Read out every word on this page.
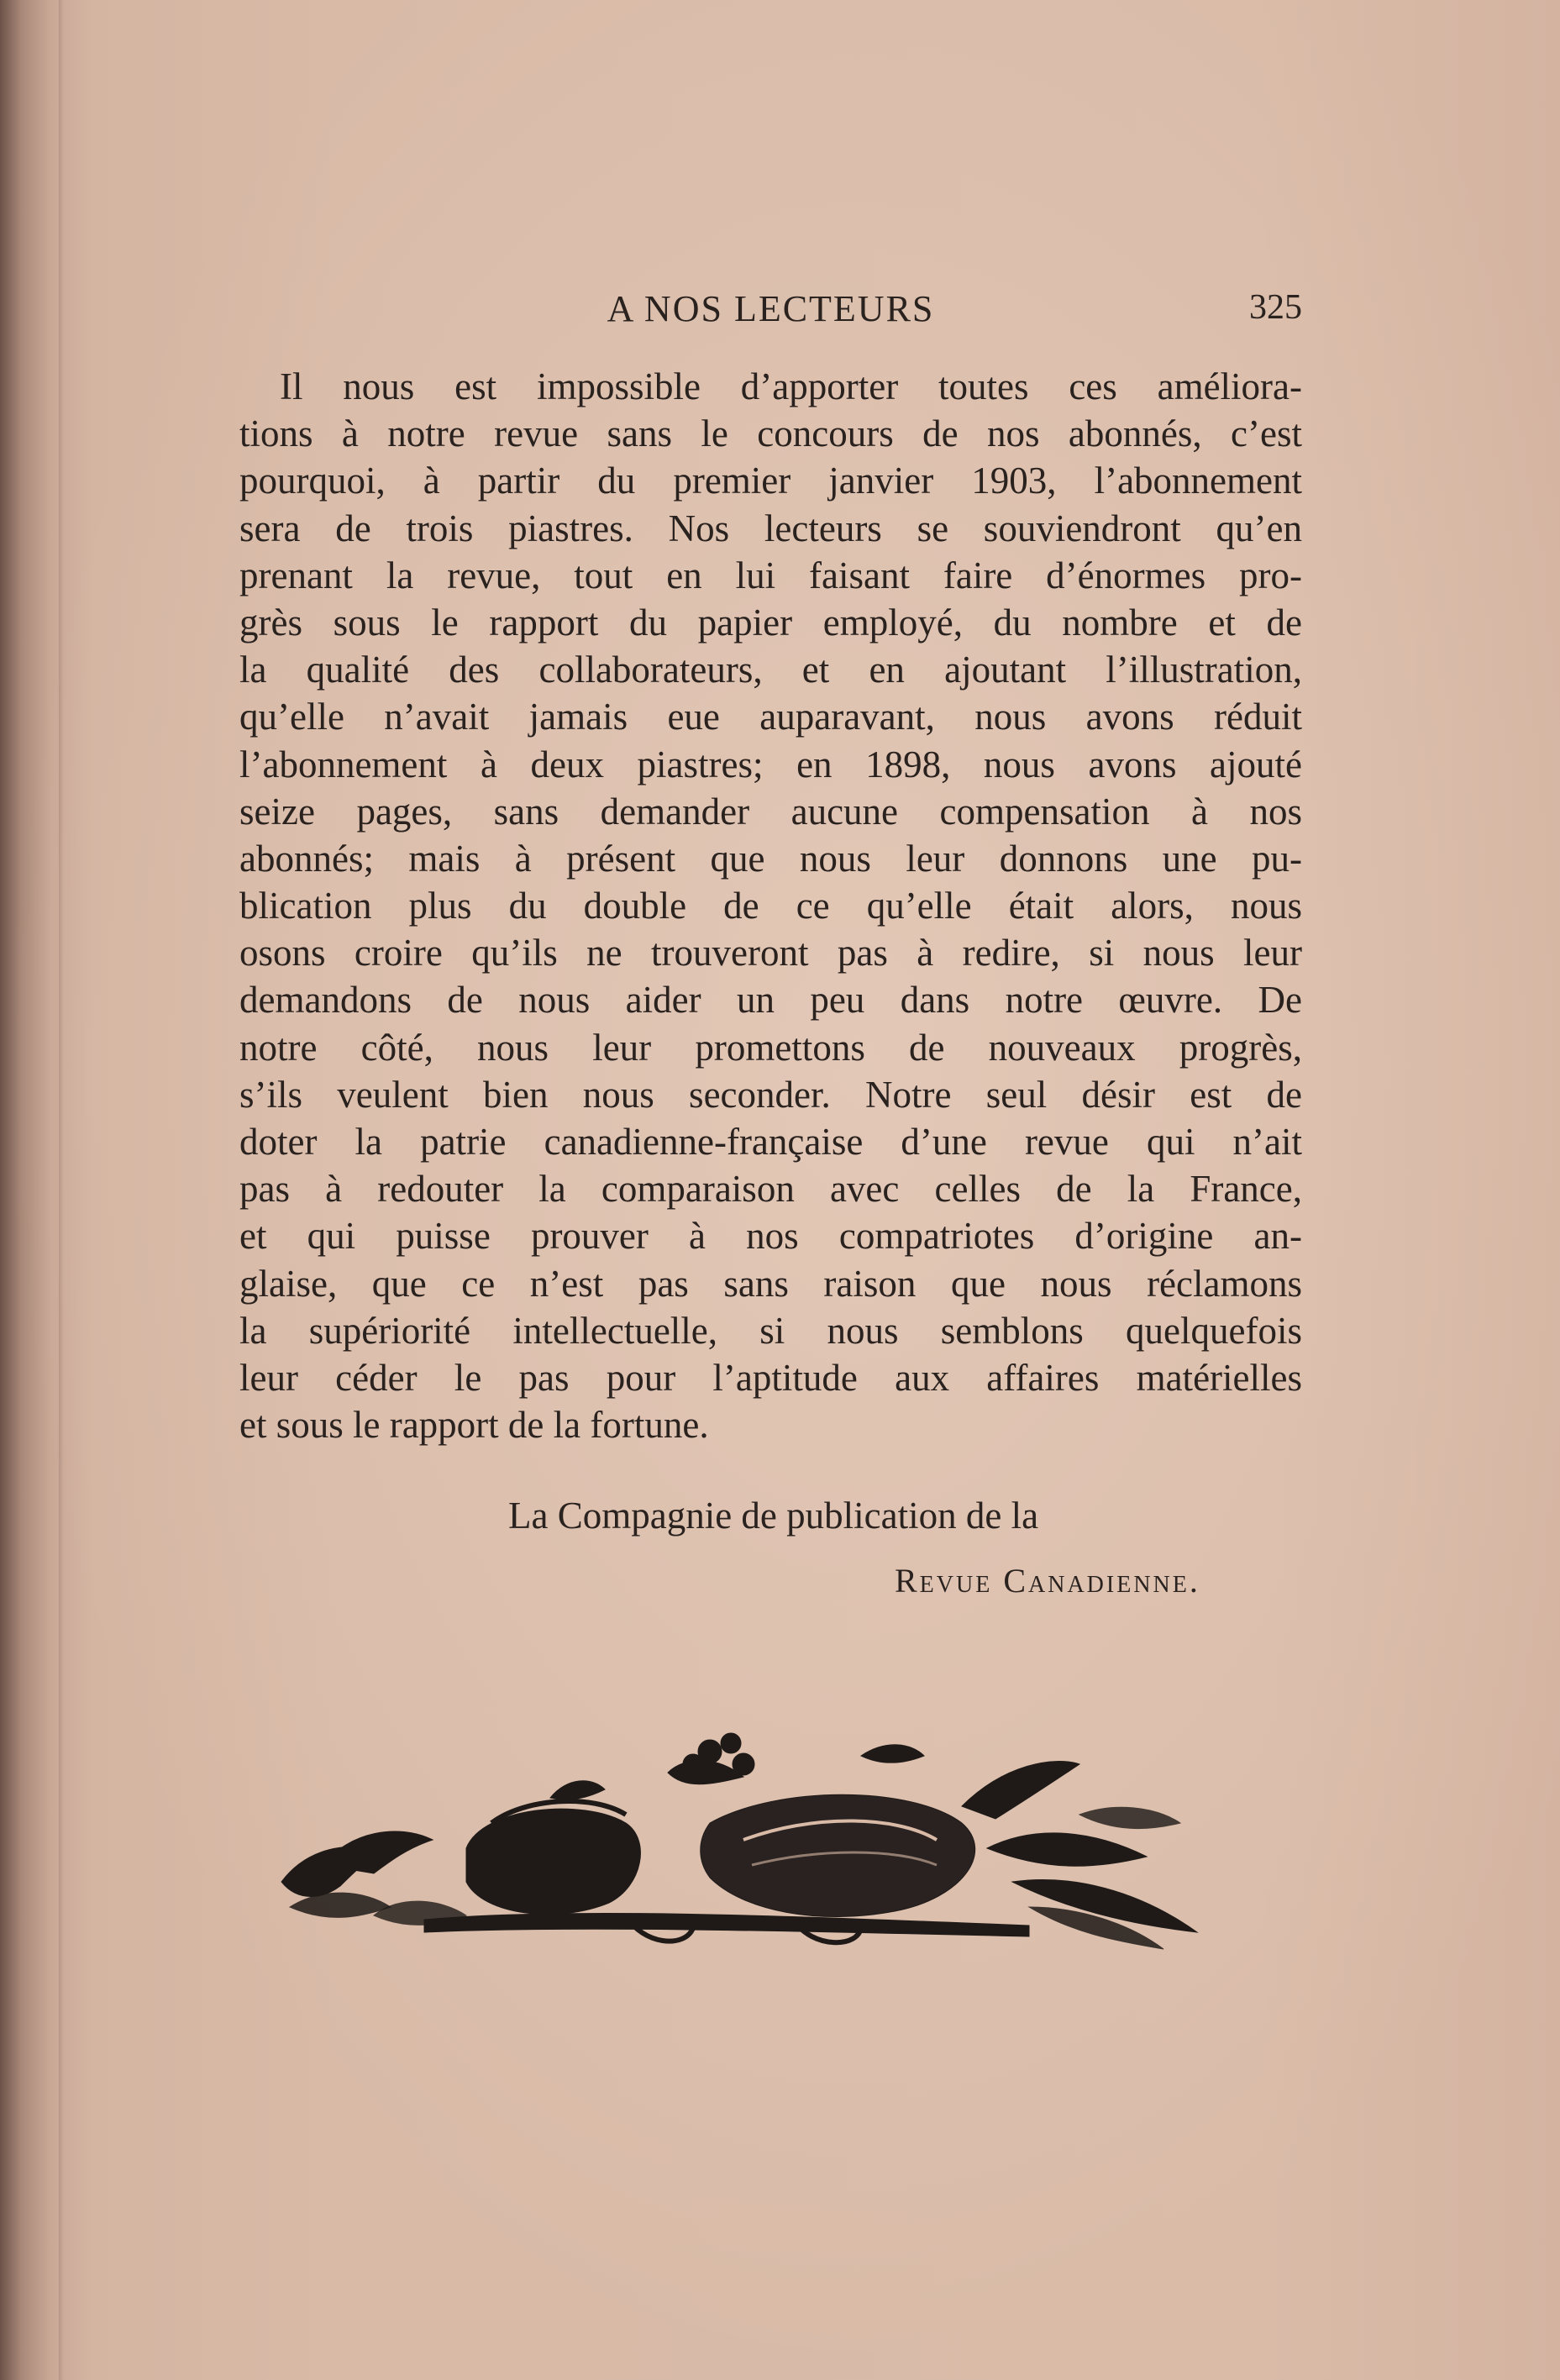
A NOS LECTEURS	325
Il nous est impossible d’apporter toutes ces améliora-
tions à notre revue sans le concours de nos abonnés, c’est
pourquoi, à partir du premier janvier 1903, l’abonnement
sera de trois piastres. Nos lecteurs se souviendront qu’en
prenant la revue, tout en lui faisant faire d’énormes pro-
grès sous le rapport du papier employé, du nombre et de
la qualité des collaborateurs, et en ajoutant l’illustration,
qu’elle n’avait jamais eue auparavant, nous avons réduit
l’abonnement à deux piastres; en 1898, nous avons ajouté
seize pages, sans demander aucune compensation à nos
abonnés; mais à présent que nous leur donnons une pu-
blication plus du double de ce qu’elle était alors, nous
osons croire qu’ils ne trouveront pas à redire, si nous leur
demandons de nous aider un peu dans notre œuvre. De
notre côté, nous leur promettons de nouveaux progrès,
s’ils veulent bien nous seconder. Notre seul désir est de
doter la patrie canadienne-française d’une revue qui n’ait
pas à redouter la comparaison avec celles de la France,
et qui puisse prouver à nos compatriotes d’origine an-
glaise, que ce n’est pas sans raison que nous réclamons
la supériorité intellectuelle, si nous semblons quelquefois
leur céder le pas pour l’aptitude aux affaires matérielles
et sous le rapport de la fortune.
La Compagnie de publication de la
Revue Canadienne.
